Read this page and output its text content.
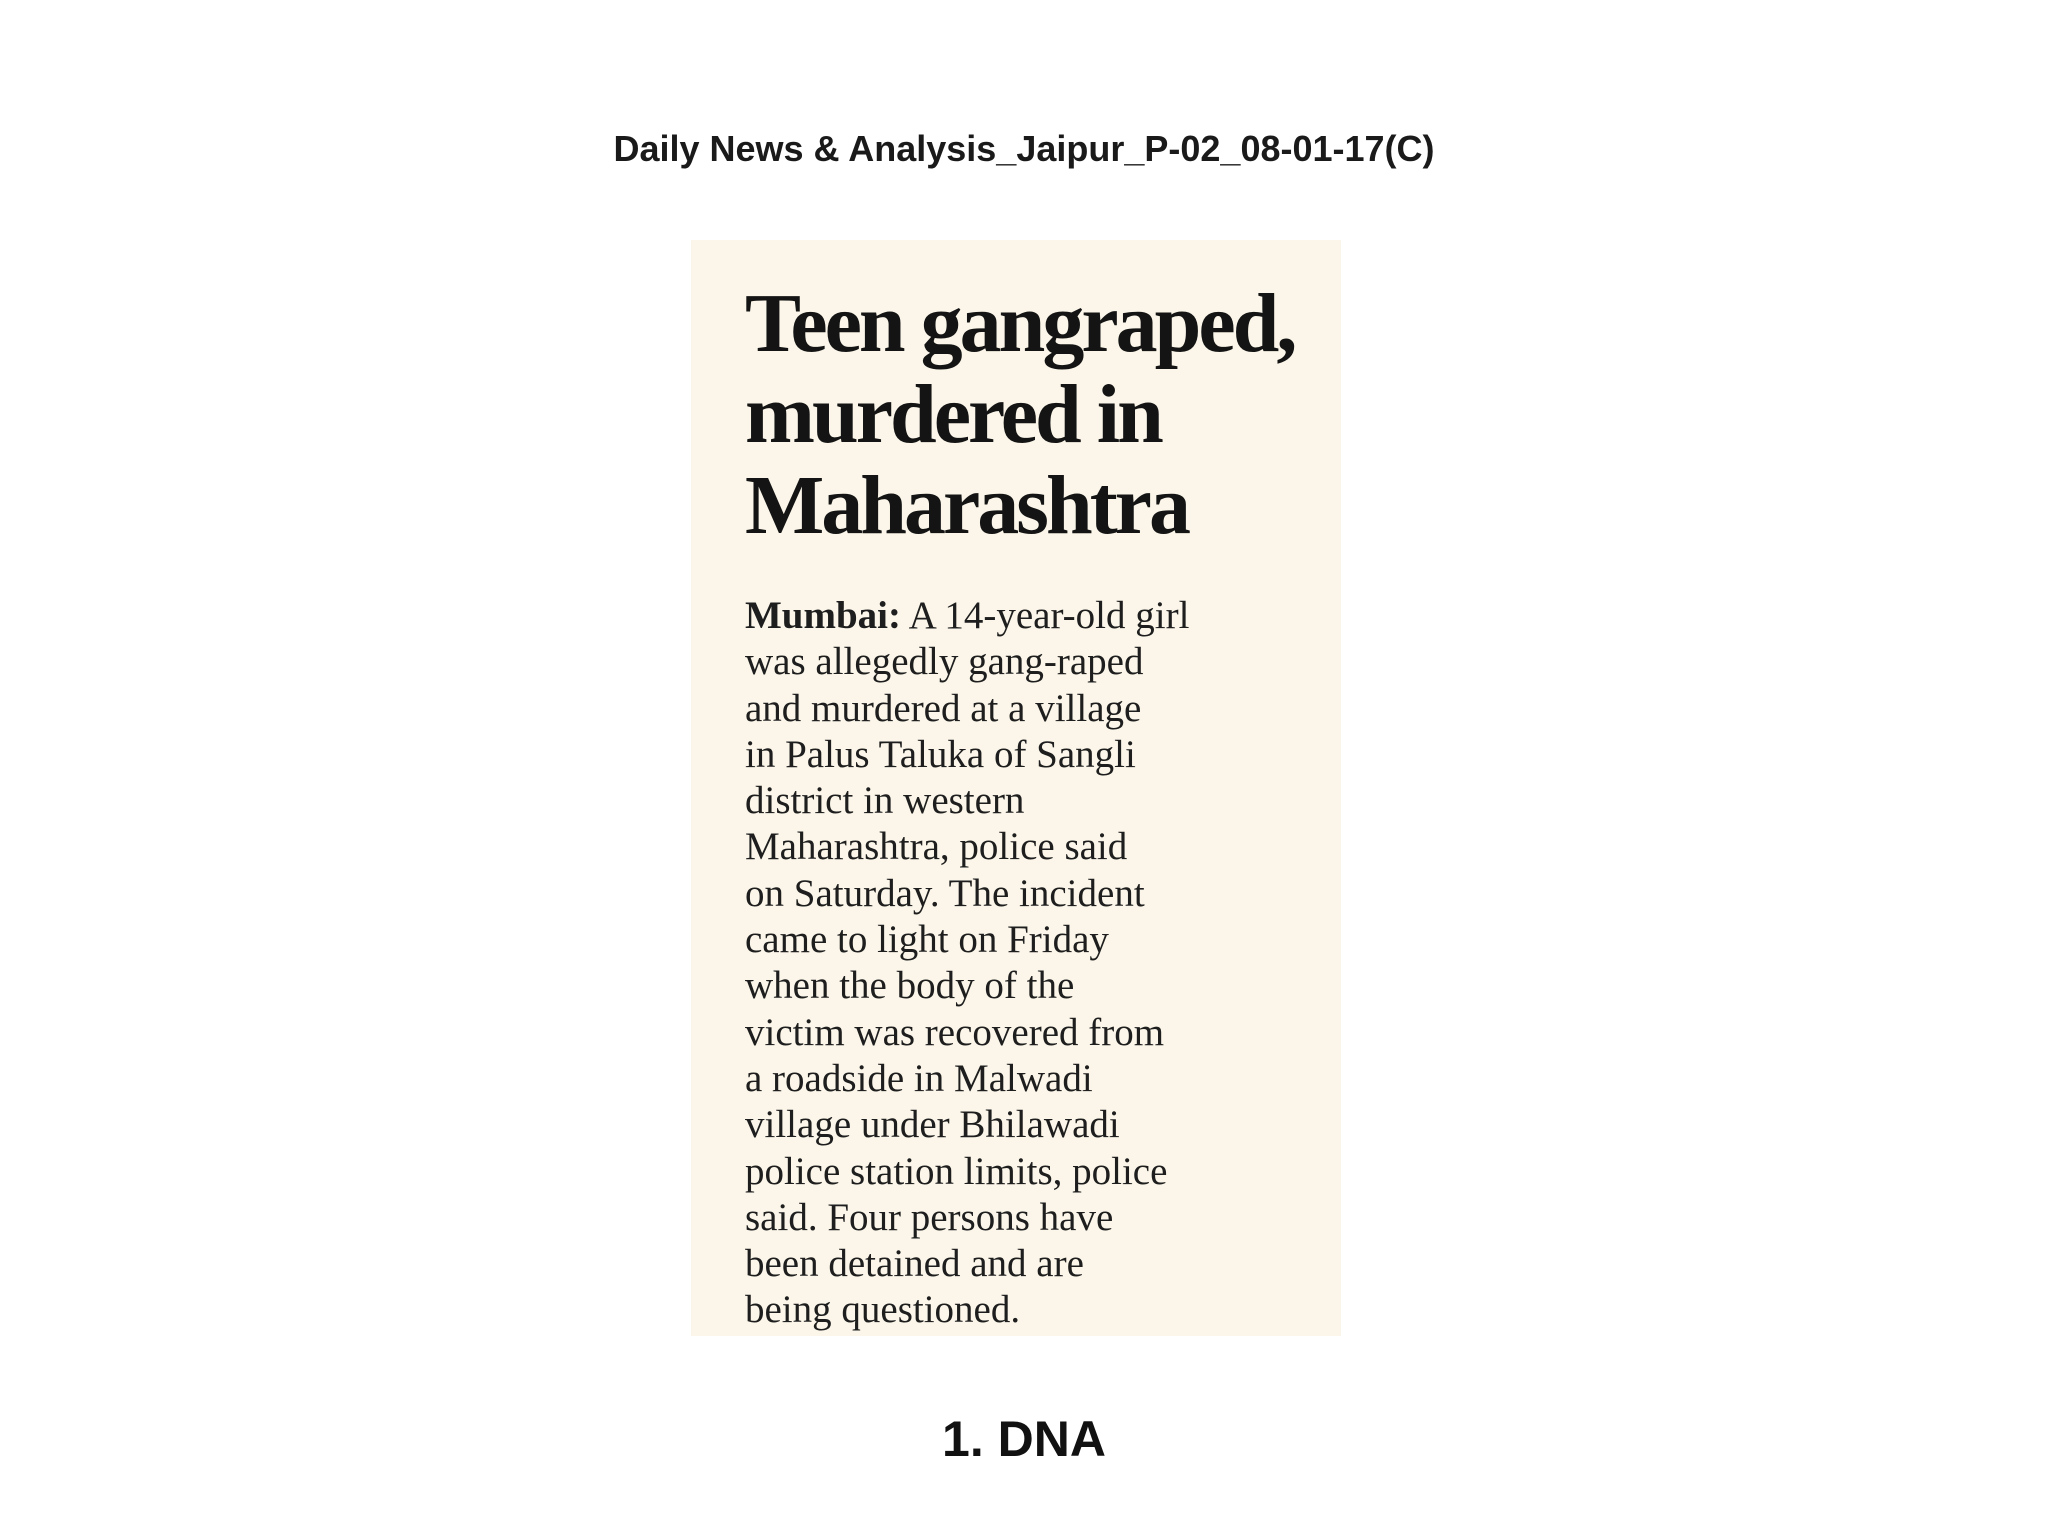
Daily News & Analysis_Jaipur_P-02_08-01-17(C)
Teen gangraped,
murdered in
Maharashtra
Mumbai: A 14-year-old girl
was allegedly gang-raped
and murdered at a village
in Palus Taluka of Sangli
district in western
Maharashtra, police said
on Saturday. The incident
came to light on Friday
when the body of the
victim was recovered from
a roadside in Malwadi
village under Bhilawadi
police station limits, police
said. Four persons have
been detained and are
being questioned.
1. DNA
